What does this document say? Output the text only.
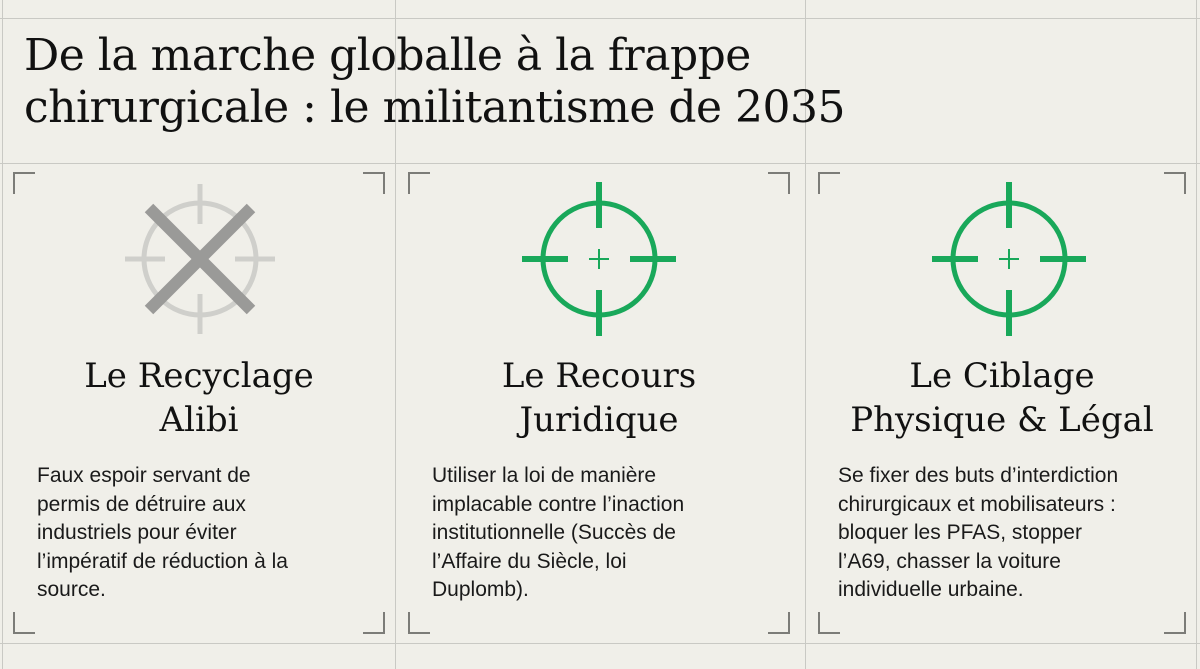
De la marche globalle à la frappe
chirurgicale : le militantisme de 2035
Le Recyclage
Alibi

Faux espoir servant de
permis de détruire aux
industriels pour éviter
l’impératif de réduction à la
source.

Le Recours
Juridique

Utiliser la loi de manière
implacable contre l’inaction
institutionnelle (Succès de
l’Affaire du Siècle, loi
Duplomb).

Le Ciblage
Physique & Légal

Se fixer des buts d’interdiction
chirurgicaux et mobilisateurs :
bloquer les PFAS, stopper
l’A69, chasser la voiture
individuelle urbaine.
